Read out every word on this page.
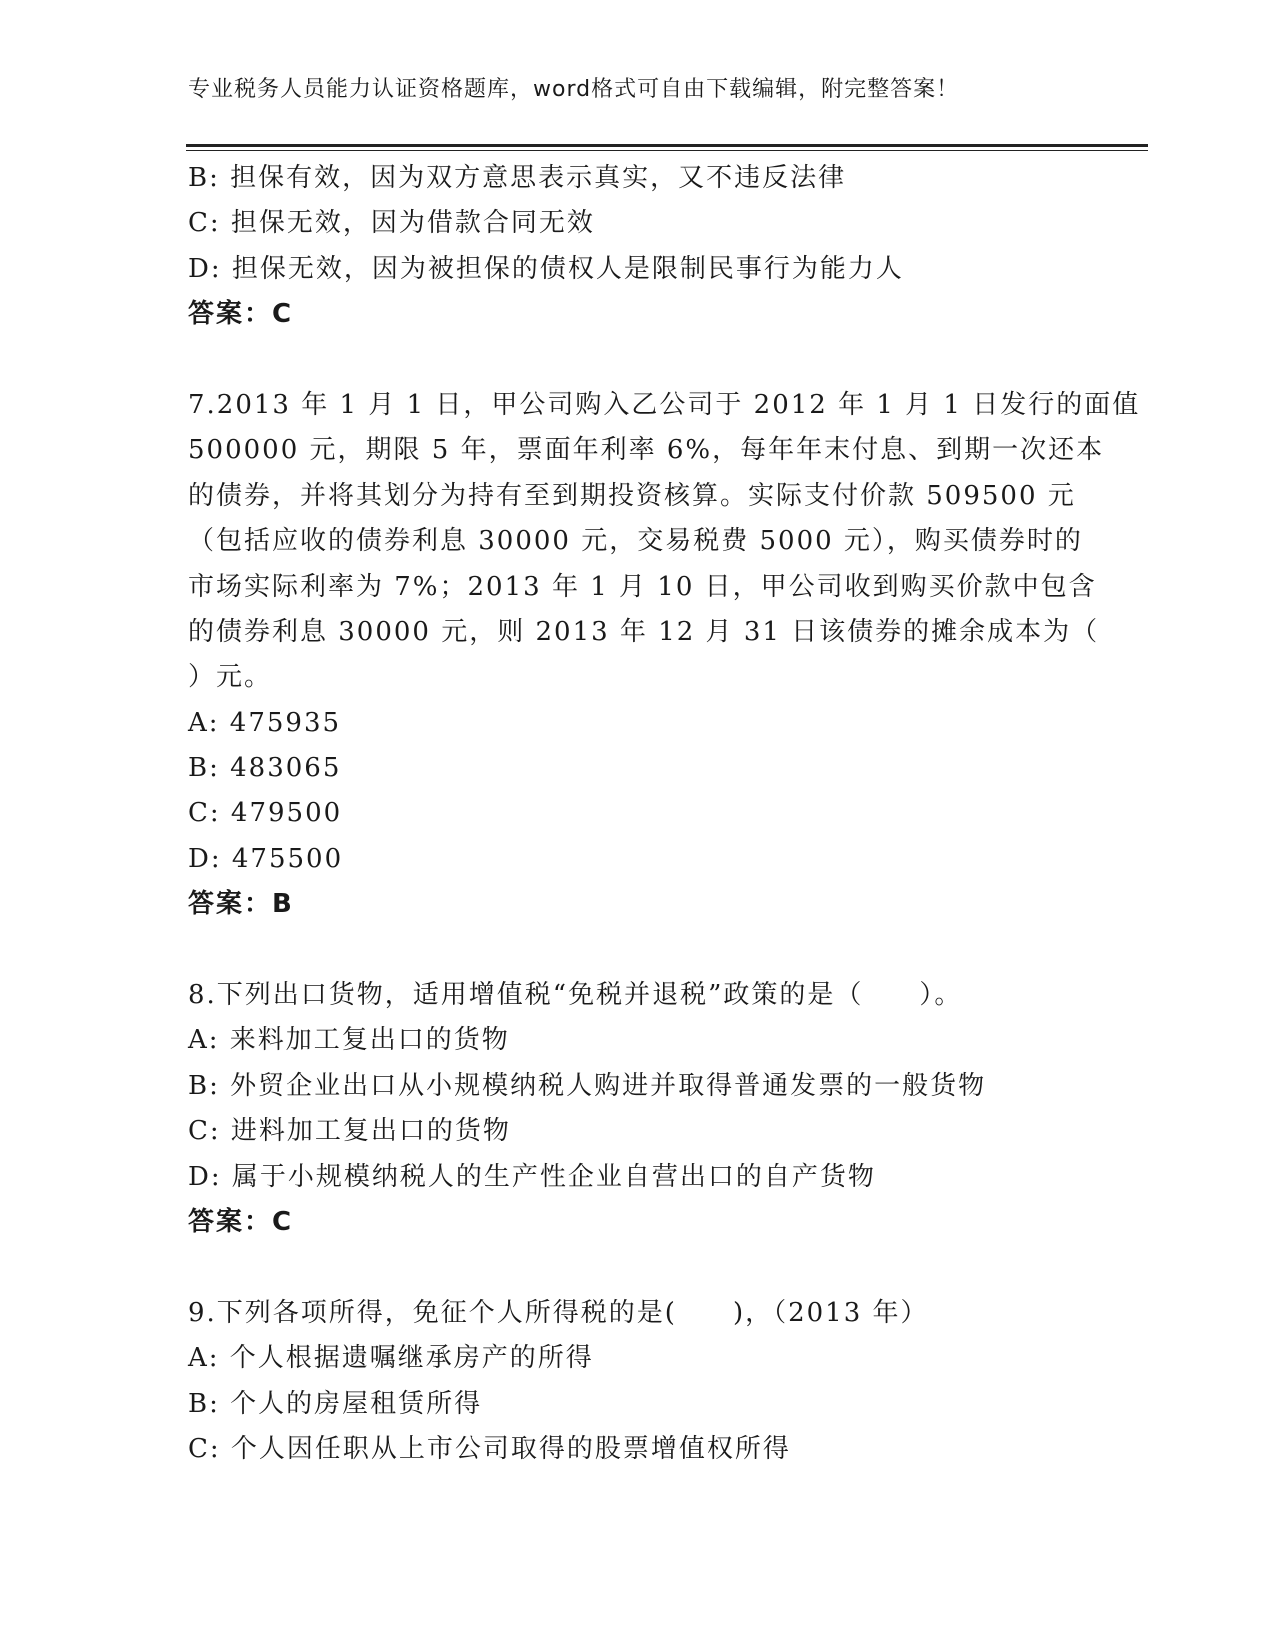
专业税务人员能力认证资格题库，word格式可自由下载编辑，附完整答案！
B: 担保有效，因为双方意思表示真实，又不违反法律
C: 担保无效，因为借款合同无效
D: 担保无效，因为被担保的债权人是限制民事行为能力人
答案：C
7.2013 年 1 月 1 日，甲公司购入乙公司于 2012 年 1 月 1 日发行的面值
500000 元，期限 5 年，票面年利率 6%，每年年末付息、到期一次还本
的债券，并将其划分为持有至到期投资核算。实际支付价款 509500 元
（包括应收的债券利息 30000 元，交易税费 5000 元），购买债券时的
市场实际利率为 7%；2013 年 1 月 10 日，甲公司收到购买价款中包含
的债券利息 30000 元，则 2013 年 12 月 31 日该债券的摊余成本为（
）元。
A: 475935
B: 483065
C: 479500
D: 475500
答案：B
8.下列出口货物，适用增值税“免税并退税”政策的是（　　）。
A: 来料加工复出口的货物
B: 外贸企业出口从小规模纳税人购进并取得普通发票的一般货物
C: 进料加工复出口的货物
D: 属于小规模纳税人的生产性企业自营出口的自产货物
答案：C
9.下列各项所得，免征个人所得税的是(　　)，（2013 年）
A: 个人根据遗嘱继承房产的所得
B: 个人的房屋租赁所得
C: 个人因任职从上市公司取得的股票增值权所得
